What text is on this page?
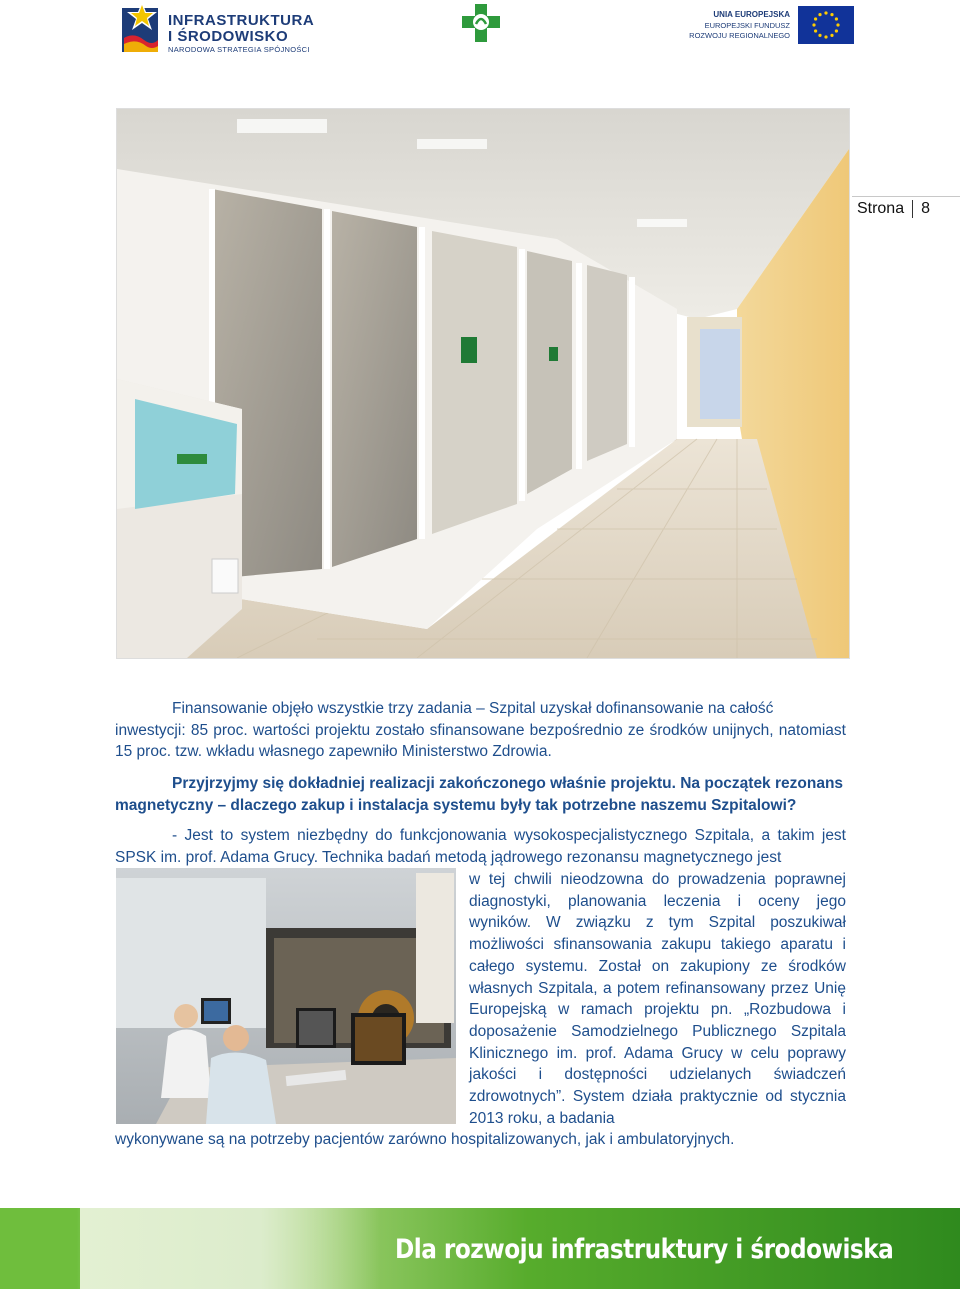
INFRASTRUKTURA
I ŚRODOWISKO
NARODOWA STRATEGIA SPÓJNOŚCI
UNIA EUROPEJSKA
EUROPEJSKI FUNDUSZ
ROZWOJU REGIONALNEGO
Strona 8
Finansowanie objęło wszystkie trzy zadania – Szpital uzyskał dofinansowanie na całość
inwestycji: 85 proc. wartości projektu zostało sfinansowane bezpośrednio ze środków unijnych, natomiast 15 proc. tzw. wkładu własnego zapewniło Ministerstwo Zdrowia.
Przyjrzyjmy się dokładniej realizacji zakończonego właśnie projektu. Na początek rezonans
magnetyczny – dlaczego zakup i instalacja systemu były tak potrzebne naszemu Szpitalowi?
- Jest to system niezbędny do funkcjonowania wysokospecjalistycznego Szpitala, a takim jest SPSK im. prof. Adama Grucy. Technika badań metodą jądrowego rezonansu magnetycznego jest
w tej chwili nieodzowna do prowadzenia poprawnej diagnostyki, planowania leczenia i oceny jego wyników. W związku z tym Szpital poszukiwał możliwości sfinansowania zakupu takiego aparatu i całego systemu. Został on zakupiony ze środków własnych Szpitala, a potem refinansowany przez Unię Europejską w ramach projektu pn. „Rozbudowa i doposażenie Samodzielnego Publicznego Szpitala Klinicznego im. prof. Adama Grucy w celu poprawy jakości i dostępności udzielanych świadczeń zdrowotnych”. System działa praktycznie od stycznia 2013 roku, a badania
wykonywane są na potrzeby pacjentów zarówno hospitalizowanych, jak i ambulatoryjnych.
Dla rozwoju infrastruktury i środowiska
